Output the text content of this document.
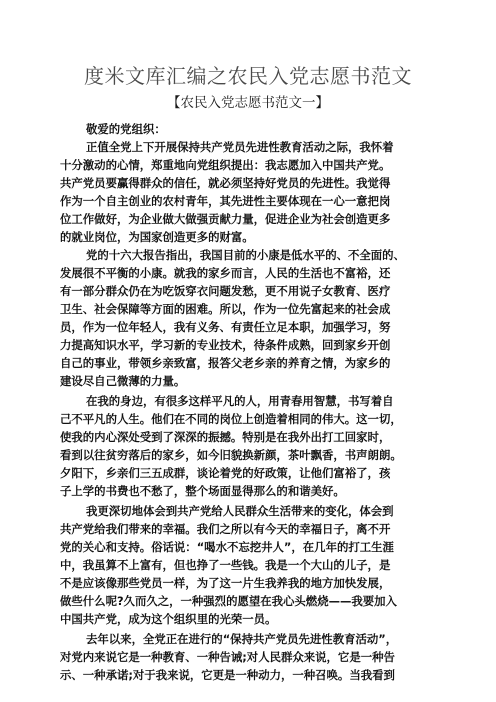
度米文库汇编之农民入党志愿书范文
【农民入党志愿书范文一】
敬爱的党组织：
正值全党上下开展保持共产党员先进性教育活动之际，我怀着
十分激动的心情，郑重地向党组织提出：我志愿加入中国共产党。
共产党员要赢得群众的信任，就必须坚持好党员的先进性。我觉得
作为一个自主创业的农村青年，其先进性主要体现在一心一意把岗
位工作做好，为企业做大做强贡献力量，促进企业为社会创造更多
的就业岗位，为国家创造更多的财富。
党的十六大报告指出，我国目前的小康是低水平的、不全面的、
发展很不平衡的小康。就我的家乡而言，人民的生活也不富裕，还
有一部分群众仍在为吃饭穿衣问题发愁，更不用说子女教育、医疗
卫生、社会保障等方面的困难。所以，作为一位先富起来的社会成
员，作为一位年轻人，我有义务、有责任立足本职，加强学习，努
力提高知识水平，学习新的专业技术，待条件成熟，回到家乡开创
自己的事业，带领乡亲致富，报答父老乡亲的养育之情，为家乡的
建设尽自己微薄的力量。
在我的身边，有很多这样平凡的人，用青春用智慧，书写着自
己不平凡的人生。他们在不同的岗位上创造着相同的伟大。这一切，
使我的内心深处受到了深深的振撼。特别是在我外出打工回家时，
看到以往贫穷落后的家乡，如今旧貌换新颜，茶叶飘香，书声朗朗。
夕阳下，乡亲们三五成群，谈论着党的好政策，让他们富裕了，孩
子上学的书费也不愁了，整个场面显得那么的和谐美好。
我更深切地体会到共产党给人民群众生活带来的变化，体会到
共产党给我们带来的幸福。我们之所以有今天的幸福日子，离不开
党的关心和支持。俗话说：“喝水不忘挖井人”，在几年的打工生涯
中，我虽算不上富有，但也挣了一些钱。我是一个大山的儿子，是
不是应该像那些党员一样，为了这一片生我养我的地方加快发展，
做些什么呢?久而久之，一种强烈的愿望在我心头燃烧——我要加入
中国共产党，成为这个组织里的光荣一员。
去年以来，全党正在进行的“保持共产党员先进性教育活动”，
对党内来说它是一种教育、一种告诫;对人民群众来说，它是一种告
示、一种承诺;对于我来说，它更是一种动力，一种召唤。当我看到
